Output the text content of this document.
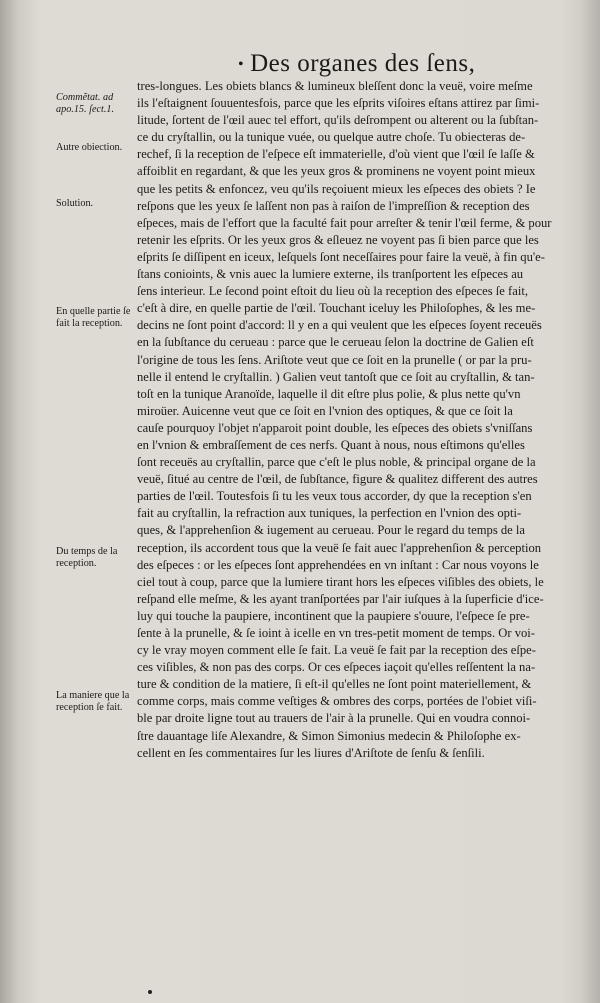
• Des organes des ſens,
Commẽtat. ad apo.15. ſect.1.
Autre obiection.
Solution.
En quelle partie ſe fait la reception.
Du temps de la reception.
La maniere que la reception ſe fait.
tres-longues. Les obiets blancs & lumineux bleſſent donc la veuë, voire meſme
ils l'eſtaignent ſouuentesfois, parce que les eſprits viſoires eſtans attirez par ſimi-
litude, ſortent de l'œil auec tel effort, qu'ils deſrompent ou alterent ou la ſubſtan-
ce du cryſtallin, ou la tunique vuée, ou quelque autre choſe. Tu obiecteras de-
rechef, ſi la reception de l'eſpece eſt immaterielle, d'où vient que l'œil ſe laſſe &
affoiblit en regardant, & que les yeux gros & prominens ne voyent point mieux
que les petits & enfoncez, veu qu'ils reçoiuent mieux les eſpeces des obiets ? Ie
reſpons que les yeux ſe laſſent non pas à raiſon de l'impreſſion & reception des
eſpeces, mais de l'effort que la faculté fait pour arreſter & tenir l'œil ferme, & pour
retenir les eſprits. Or les yeux gros & eſleuez ne voyent pas ſi bien parce que les
eſprits ſe diſſipent en iceux, leſquels ſont neceſſaires pour faire la veuë, à fin qu'e-
ſtans conioints, & vnis auec la lumiere externe, ils tranſportent les eſpeces au
ſens interieur. Le ſecond point eſtoit du lieu où la reception des eſpeces ſe fait,
c'eſt à dire, en quelle partie de l'œil. Touchant iceluy les Philoſophes, & les me-
decins ne ſont point d'accord: ll y en a qui veulent que les eſpeces ſoyent receuës
en la ſubſtance du cerueau : parce que le cerueau ſelon la doctrine de Galien eſt
l'origine de tous les ſens. Ariſtote veut que ce ſoit en la prunelle ( or par la pru-
nelle il entend le cryſtallin. ) Galien veut tantoſt que ce ſoit au cryſtallin, & tan-
toſt en la tunique Aranoïde, laquelle il dit eſtre plus polie, & plus nette qu'vn
miroüer. Auicenne veut que ce ſoit en l'vnion des optiques, & que ce ſoit la
cauſe pourquoy l'objet n'apparoit point double, les eſpeces des obiets s'vniſſans
en l'vnion & embraſſement de ces nerfs. Quant à nous, nous eſtimons qu'elles
ſont receuës au cryſtallin, parce que c'eſt le plus noble, & principal organe de la
veuë, ſitué au centre de l'œil, de ſubſtance, figure & qualitez different des autres
parties de l'œil. Toutesfois ſi tu les veux tous accorder, dy que la reception s'en
fait au cryſtallin, la refraction aux tuniques, la perfection en l'vnion des opti-
ques, & l'apprehenſion & iugement au cerueau. Pour le regard du temps de la
reception, ils accordent tous que la veuë ſe fait auec l'apprehenſion & perception
des eſpeces : or les eſpeces ſont apprehendées en vn inſtant : Car nous voyons le
ciel tout à coup, parce que la lumiere tirant hors les eſpeces viſibles des obiets, le
reſpand elle meſme, & les ayant tranſportées par l'air iuſques à la ſuperficie d'ice-
luy qui touche la paupiere, incontinent que la paupiere s'ouure, l'eſpece ſe pre-
ſente à la prunelle, & ſe ioint à icelle en vn tres-petit moment de temps. Or voi-
cy le vray moyen comment elle ſe fait. La veuë ſe fait par la reception des eſpe-
ces viſibles, & non pas des corps. Or ces eſpeces iaçoit qu'elles reſſentent la na-
ture & condition de la matiere, ſi eſt-il qu'elles ne ſont point materiellement, &
comme corps, mais comme veſtiges & ombres des corps, portées de l'obiet viſi-
ble par droite ligne tout au trauers de l'air à la prunelle. Qui en voudra connoi-
ſtre dauantage liſe Alexandre, & Simon Simonius medecin & Philoſophe ex-
cellent en ſes commentaires ſur les liures d'Ariſtote de ſenſu & ſenſili.
